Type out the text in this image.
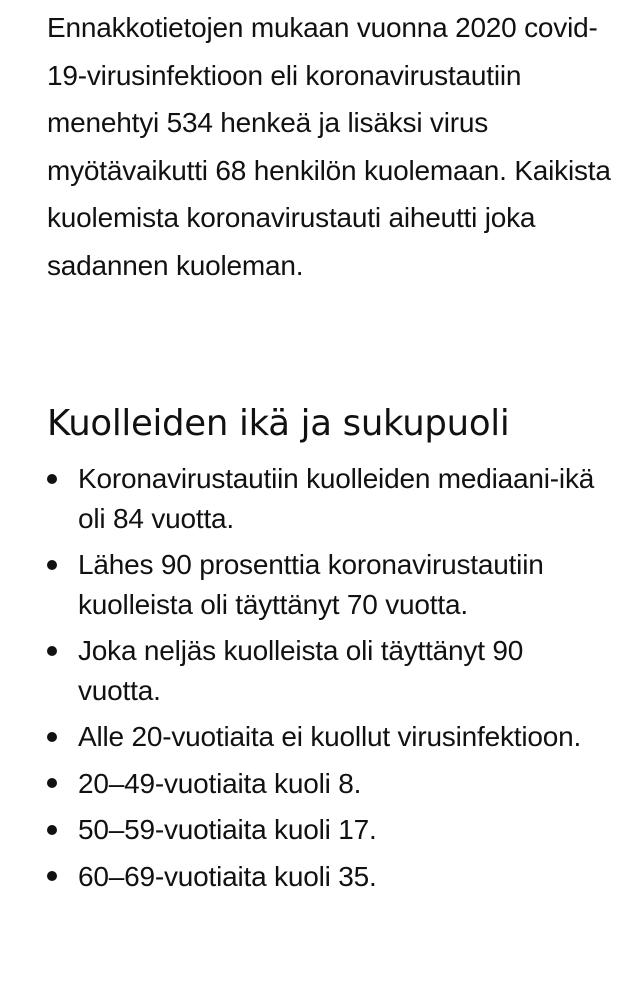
Ennakkotietojen mukaan vuonna 2020 covid-19-virusinfektioon eli koronavirustautiin menehtyi 534 henkeä ja lisäksi virus myötävaikutti 68 henkilön kuolemaan. Kaikista kuolemista koronavirustauti aiheutti joka sadannen kuoleman.

Kuolleiden ikä ja sukupuoli
Koronavirustautiin kuolleiden mediaani-ikä oli 84 vuotta.
Lähes 90 prosenttia koronavirustautiin kuolleista oli täyttänyt 70 vuotta.
Joka neljäs kuolleista oli täyttänyt 90 vuotta.
Alle 20-vuotiaita ei kuollut virusinfektioon.
20–49-vuotiaita kuoli 8.
50–59-vuotiaita kuoli 17.
60–69-vuotiaita kuoli 35.
